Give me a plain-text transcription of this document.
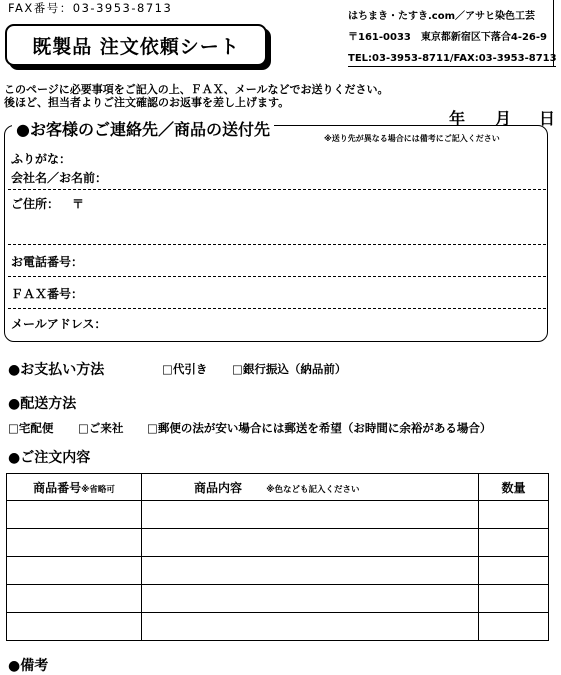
FAX番号：03-3953-8713
既製品 注文依頼シート
はちまき・たすき.com／アサヒ染色工芸
〒161-0033　東京都新宿区下落合4-26-9
TEL:03-3953-8711/FAX:03-3953-8713
このページに必要事項をご記入の上、ＦＡＸ、メールなどでお送りください。
後ほど、担当者よりご注文確認のお返事を差し上げます。
年 月 日
●お客様のご連絡先／商品の送付先	※送り先が異なる場合には備考にご記入ください
ふりがな：
会社名／お名前：
ご住所： 〒
お電話番号：
ＦＡＸ番号：
メールアドレス：
●お支払い方法	□代引き □銀行振込（納品前）
●配送方法
□宅配便 □ご来社 □郵便の法が安い場合には郵送を希望（お時間に余裕がある場合）
●ご注文内容
商品番号※省略可	商品内容 ※色なども記入ください	数量

●備考
